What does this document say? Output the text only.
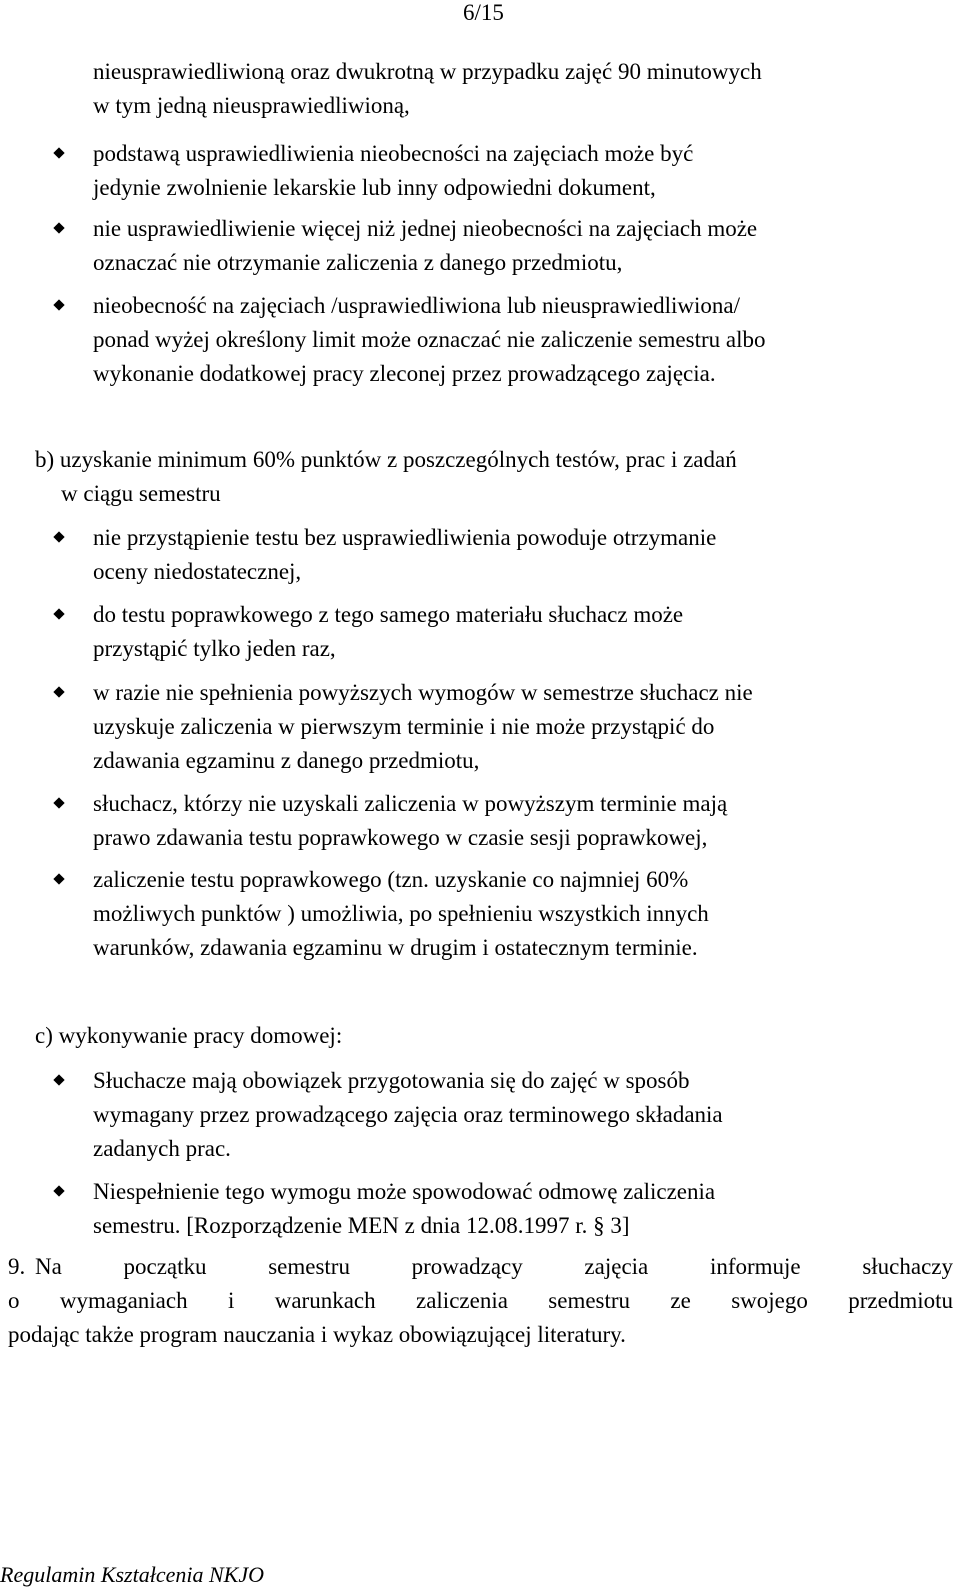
6/15
nieusprawiedliwioną oraz dwukrotną w przypadku zajęć 90 minutowych
w tym jedną nieusprawiedliwioną,
podstawą usprawiedliwienia nieobecności na zajęciach może być
jedynie zwolnienie lekarskie lub inny odpowiedni dokument,
nie usprawiedliwienie więcej niż jednej nieobecności na zajęciach może
oznaczać nie otrzymanie zaliczenia z danego przedmiotu,
nieobecność na zajęciach /usprawiedliwiona lub nieusprawiedliwiona/
ponad wyżej określony limit może oznaczać nie zaliczenie semestru albo
wykonanie dodatkowej pracy zleconej przez prowadzącego zajęcia.
b) uzyskanie minimum 60% punktów z poszczególnych testów, prac i zadań
w ciągu semestru
nie przystąpienie testu bez usprawiedliwienia powoduje otrzymanie
oceny niedostatecznej,
do testu poprawkowego z tego samego materiału słuchacz może
przystąpić tylko jeden raz,
w razie nie spełnienia powyższych wymogów w semestrze słuchacz nie
uzyskuje zaliczenia w pierwszym terminie i nie może przystąpić do
zdawania egzaminu z danego przedmiotu,
słuchacz, którzy nie uzyskali zaliczenia w powyższym terminie mają
prawo zdawania testu poprawkowego w czasie sesji poprawkowej,
zaliczenie testu poprawkowego (tzn. uzyskanie co najmniej 60%
możliwych punktów ) umożliwia, po spełnieniu wszystkich innych
warunków, zdawania egzaminu w drugim i ostatecznym terminie.
c) wykonywanie pracy domowej:
Słuchacze mają obowiązek przygotowania się do zajęć w sposób
wymagany przez prowadzącego zajęcia oraz terminowego składania
zadanych prac.
Niespełnienie tego wymogu może spowodować odmowę zaliczenia
semestru. [Rozporządzenie MEN z dnia 12.08.1997 r. § 3]
9. Na początku semestru prowadzący zajęcia informuje słuchaczy
o wymaganiach i warunkach zaliczenia semestru ze swojego przedmiotu
podając także program nauczania i wykaz obowiązującej literatury.
Regulamin Kształcenia NKJO
